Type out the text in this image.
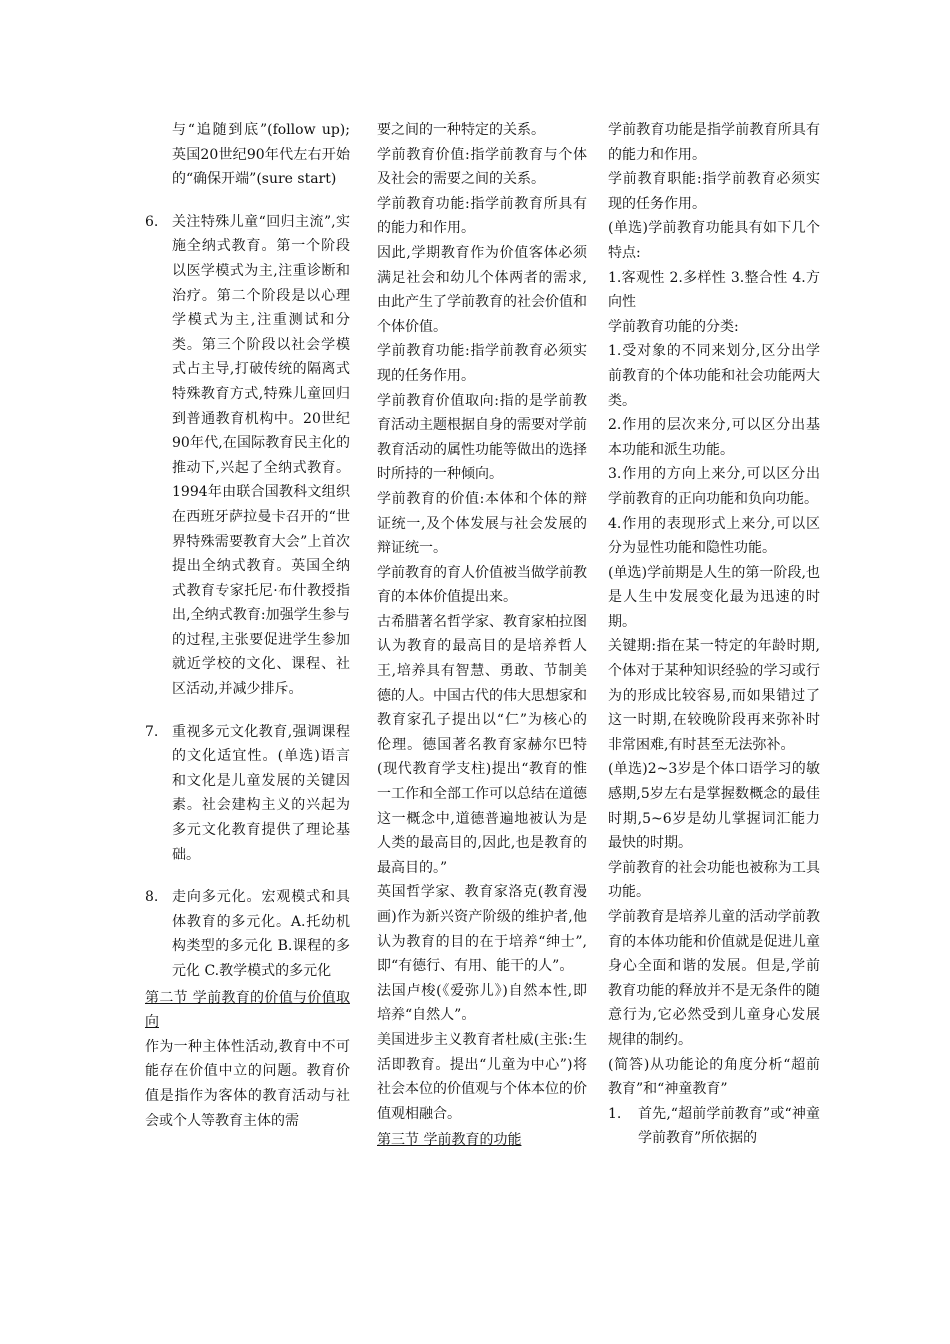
与“追随到底”(follow up);英国20世纪90年代左右开始的“确保开端”(sure start)

6. 关注特殊儿童“回归主流”,实施全纳式教育。第一个阶段以医学模式为主,注重诊断和治疗。第二个阶段是以心理学模式为主,注重测试和分类。第三个阶段以社会学模式占主导,打破传统的隔离式特殊教育方式,特殊儿童回归到普通教育机构中。20世纪90年代,在国际教育民主化的推动下,兴起了全纳式教育。1994年由联合国教科文组织在西班牙萨拉曼卡召开的“世界特殊需要教育大会”上首次提出全纳式教育。英国全纳式教育专家托尼·布什教授指出,全纳式教育:加强学生参与的过程,主张要促进学生参加就近学校的文化、课程、社区活动,并减少排斥。
7. 重视多元文化教育,强调课程的文化适宜性。(单选)语言和文化是儿童发展的关键因素。社会建构主义的兴起为多元文化教育提供了理论基础。
8. 走向多元化。宏观模式和具体教育的多元化。A.托幼机构类型的多元化 B.课程的多元化 C.教学模式的多元化

第二节 学前教育的价值与价值取向

作为一种主体性活动,教育中不可能存在价值中立的问题。教育价值是指作为客体的教育活动与社会或个人等教育主体的需

要之间的一种特定的关系。

学前教育价值:指学前教育与个体及社会的需要之间的关系。

学前教育功能:指学前教育所具有的能力和作用。

因此,学期教育作为价值客体必须满足社会和幼儿个体两者的需求,由此产生了学前教育的社会价值和个体价值。

学前教育功能:指学前教育必须实现的任务作用。

学前教育价值取向:指的是学前教育活动主题根据自身的需要对学前教育活动的属性功能等做出的选择时所持的一种倾向。

学前教育的价值:本体和个体的辩证统一,及个体发展与社会发展的辩证统一。

学前教育的育人价值被当做学前教育的本体价值提出来。

古希腊著名哲学家、教育家柏拉图认为教育的最高目的是培养哲人王,培养具有智慧、勇敢、节制美德的人。中国古代的伟大思想家和教育家孔子提出以“仁”为核心的伦理。德国著名教育家赫尔巴特(现代教育学支柱)提出“教育的惟一工作和全部工作可以总结在道德这一概念中,道德普遍地被认为是人类的最高目的,因此,也是教育的最高目的。”

英国哲学家、教育家洛克(教育漫画)作为新兴资产阶级的维护者,他认为教育的目的在于培养“绅士”,即“有德行、有用、能干的人”。

法国卢梭(《爱弥儿》)自然本性,即培养“自然人”。

美国进步主义教育者杜威(主张:生活即教育。提出“儿童为中心”)将社会本位的价值观与个体本位的价值观相融合。

第三节 学前教育的功能

学前教育功能是指学前教育所具有的能力和作用。

学前教育职能:指学前教育必须实现的任务作用。

(单选)学前教育功能具有如下几个特点:

1.客观性 2.多样性 3.整合性 4.方向性

学前教育功能的分类:

1.受对象的不同来划分,区分出学前教育的个体功能和社会功能两大类。

2.作用的层次来分,可以区分出基本功能和派生功能。

3.作用的方向上来分,可以区分出学前教育的正向功能和负向功能。

4.作用的表现形式上来分,可以区分为显性功能和隐性功能。

(单选)学前期是人生的第一阶段,也是人生中发展变化最为迅速的时期。

关键期:指在某一特定的年龄时期,个体对于某种知识经验的学习或行为的形成比较容易,而如果错过了这一时期,在较晚阶段再来弥补时非常困难,有时甚至无法弥补。

(单选)2~3岁是个体口语学习的敏感期,5岁左右是掌握数概念的最佳时期,5~6岁是幼儿掌握词汇能力最快的时期。

学前教育的社会功能也被称为工具功能。

学前教育是培养儿童的活动学前教育的本体功能和价值就是促进儿童身心全面和谐的发展。但是,学前教育功能的释放并不是无条件的随意行为,它必然受到儿童身心发展规律的制约。

(简答)从功能论的角度分析“超前教育”和“神童教育”

1. 首先,“超前学前教育”或“神童学前教育”所依据的
